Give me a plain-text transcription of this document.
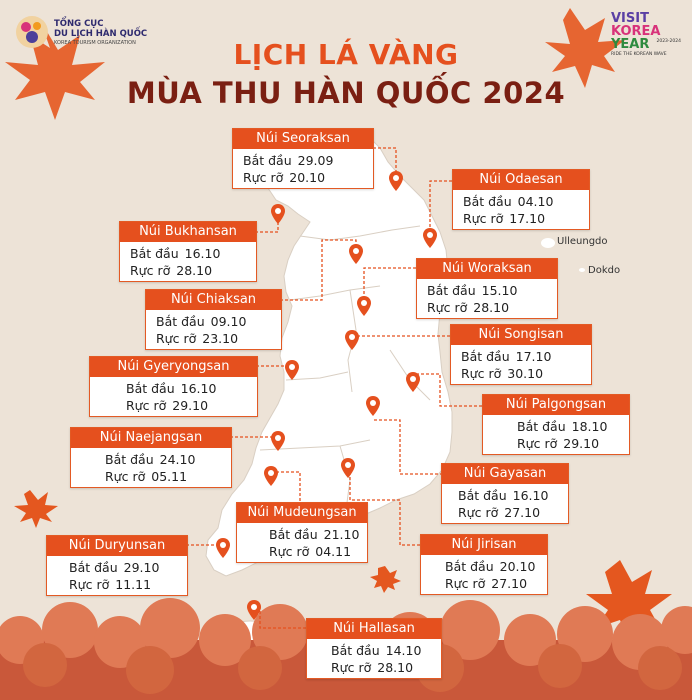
TỔNG CỤC
DU LỊCH HÀN QUỐC
KOREA TOURISM ORGANIZATION
VISIT
KOREA
YEAR	2023-2024
RIDE THE KOREAN WAVE
LỊCH LÁ VÀNG
MÙA THU HÀN QUỐC 2024
Ulleungdo
Dokdo
Núi Seoraksan
Bắt đầu 29.09
Rực rỡ 20.10	Núi Odaesan
Bắt đầu 04.10
Rực rỡ 17.10
Núi Bukhansan
Bắt đầu 16.10
Rực rỡ 28.10	Núi Woraksan
Bắt đầu 15.10
Rực rỡ 28.10
Núi Chiaksan
Bắt đầu 09.10
Rực rỡ 23.10	Núi Songisan
Bắt đầu 17.10
Rực rỡ 30.10
Núi Gyeryongsan
Bắt đầu 16.10
Rực rỡ 29.10	Núi Palgongsan
Bắt đầu 18.10
Rực rỡ 29.10
Núi Naejangsan
Bắt đầu 24.10
Rực rỡ 05.11	Núi Gayasan
Bắt đầu 16.10
Rực rỡ 27.10
Núi Mudeungsan
Bắt đầu 21.10
Rực rỡ 04.11
Núi Duryunsan
Bắt đầu 29.10
Rực rỡ 11.11
Núi Jirisan
Bắt đầu 20.10
Rực rỡ 27.10
Núi Hallasan
Bắt đầu 14.10
Rực rỡ 28.10
